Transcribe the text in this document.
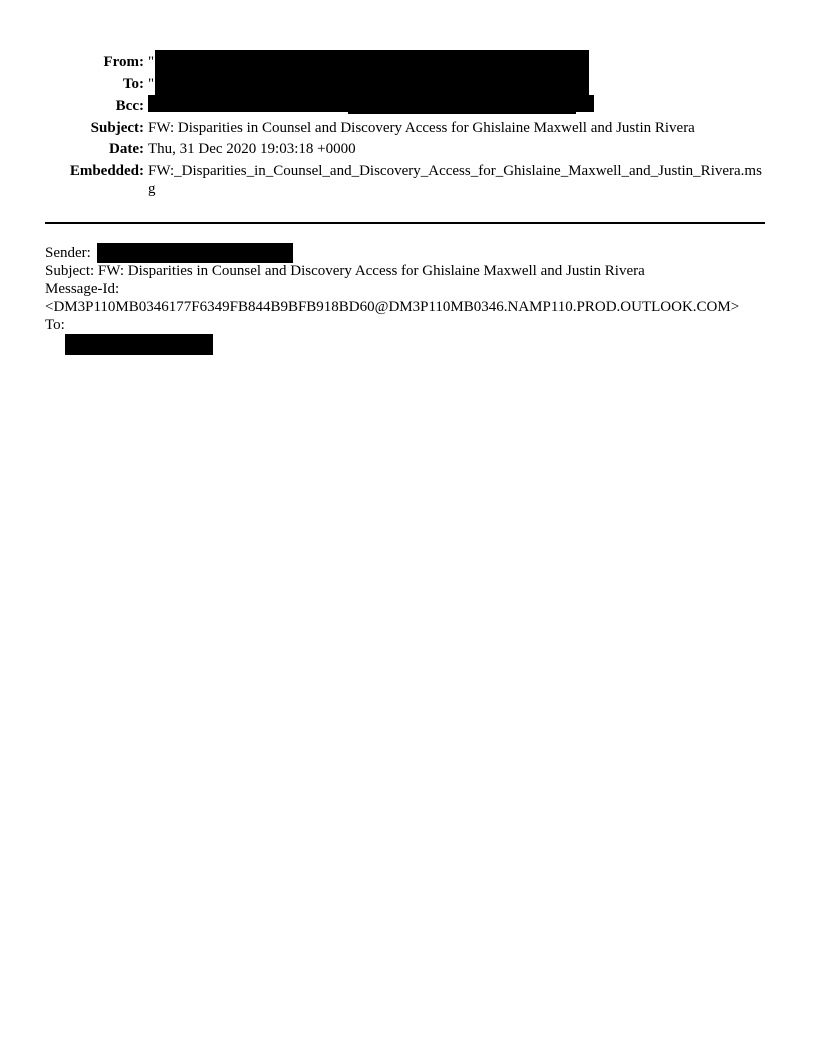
From: "
To: "
Bcc:
Subject: FW: Disparities in Counsel and Discovery Access for Ghislaine Maxwell and Justin Rivera
Date: Thu, 31 Dec 2020 19:03:18 +0000
Embedded: FW:_Disparities_in_Counsel_and_Discovery_Access_for_Ghislaine_Maxwell_and_Justin_Rivera.msg
Sender:
Subject: FW: Disparities in Counsel and Discovery Access for Ghislaine Maxwell and Justin Rivera
Message-Id:
<DM3P110MB0346177F6349FB844B9BFB918BD60@DM3P110MB0346.NAMP110.PROD.OUTLOOK.COM>
To:
